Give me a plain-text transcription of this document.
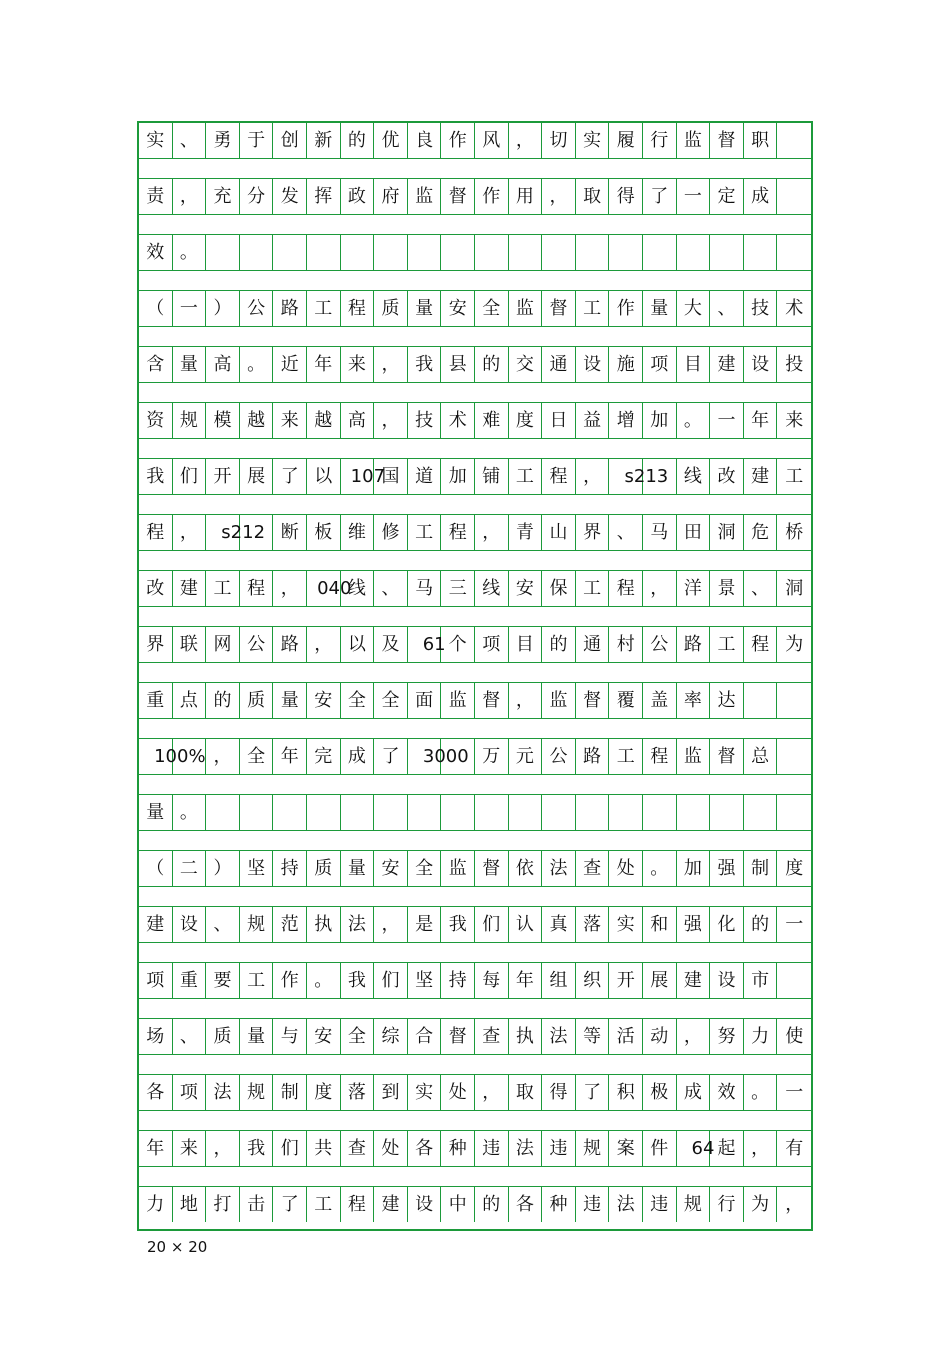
实 、 勇 于 创 新 的 优 良 作 风 ， 切 实 履 行 监 督 职
责 ， 充 分 发 挥 政 府 监 督 作 用 ， 取 得 了 一 定 成
效 。
（ 一 ） 公 路 工 程 质 量 安 全 监 督 工 作 量 大 、 技 术
含 量 高 。 近 年 来 ， 我 县 的 交 通 设 施 项 目 建 设 投
资 规 模 越 来 越 高 ， 技 术 难 度 日 益 增 加 。 一 年 来
我 们 开 展 了 以	107
国 道 加 铺 工 程 ，	s213 线 改 建 工
程 ，	s212 断 板 维 修 工 程 ， 青 山 界 、 马 田 洞 危 桥
改 建 工 程 ，	040
线 、 马 三 线 安 保 工 程 ， 洋 景 、 洞
界 联 网 公 路 ， 以 及	61 个 项 目 的 通 村 公 路 工 程 为
重 点 的 质 量 安 全 全 面 监 督 ， 监 督 覆 盖 率 达
100% ， 全 年 完 成 了	3000 万 元 公 路 工 程 监 督 总
量 。
（ 二 ） 坚 持 质 量 安 全 监 督 依 法 查 处 。 加 强 制 度
建 设 、 规 范 执 法 ， 是 我 们 认 真 落 实 和 强 化 的 一
项 重 要 工 作 。 我 们 坚 持 每 年 组 织 开 展 建 设 市
场 、 质 量 与 安 全 综 合 督 查 执 法 等 活 动 ， 努 力 使
各 项 法 规 制 度 落 到 实 处 ， 取 得 了 积 极 成 效 。 一
年 来 ， 我 们 共 查 处 各 种 违 法 违 规 案 件	64 起 ， 有
力 地 打 击 了 工 程 建 设 中 的 各 种 违 法 违 规 行 为 ，
20 × 20
